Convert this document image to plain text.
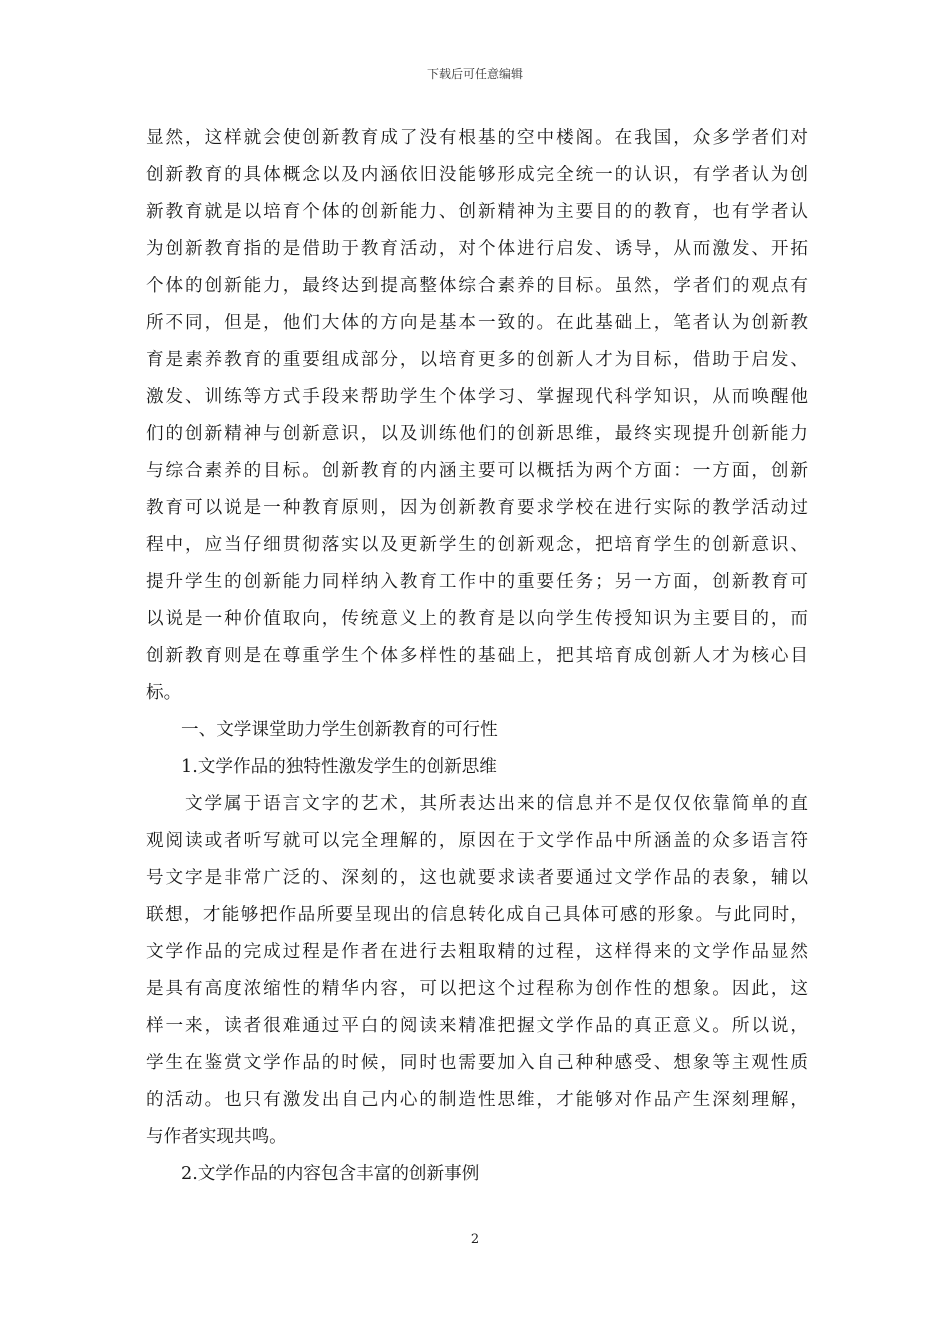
下载后可任意编辑
显然，这样就会使创新教育成了没有根基的空中楼阁。在我国，众多学者们对
创新教育的具体概念以及内涵依旧没能够形成完全统一的认识，有学者认为创
新教育就是以培育个体的创新能力、创新精神为主要目的的教育，也有学者认
为创新教育指的是借助于教育活动，对个体进行启发、诱导，从而激发、开拓
个体的创新能力，最终达到提高整体综合素养的目标。虽然，学者们的观点有
所不同，但是，他们大体的方向是基本一致的。在此基础上，笔者认为创新教
育是素养教育的重要组成部分，以培育更多的创新人才为目标，借助于启发、
激发、训练等方式手段来帮助学生个体学习、掌握现代科学知识，从而唤醒他
们的创新精神与创新意识，以及训练他们的创新思维，最终实现提升创新能力
与综合素养的目标。创新教育的内涵主要可以概括为两个方面：一方面，创新
教育可以说是一种教育原则，因为创新教育要求学校在进行实际的教学活动过
程中，应当仔细贯彻落实以及更新学生的创新观念，把培育学生的创新意识、
提升学生的创新能力同样纳入教育工作中的重要任务；另一方面，创新教育可
以说是一种价值取向，传统意义上的教育是以向学生传授知识为主要目的，而
创新教育则是在尊重学生个体多样性的基础上，把其培育成创新人才为核心目
标。
一、文学课堂助力学生创新教育的可行性
1.文学作品的独特性激发学生的创新思维
文学属于语言文字的艺术，其所表达出来的信息并不是仅仅依靠简单的直
观阅读或者听写就可以完全理解的，原因在于文学作品中所涵盖的众多语言符
号文字是非常广泛的、深刻的，这也就要求读者要通过文学作品的表象，辅以
联想，才能够把作品所要呈现出的信息转化成自己具体可感的形象。与此同时，
文学作品的完成过程是作者在进行去粗取精的过程，这样得来的文学作品显然
是具有高度浓缩性的精华内容，可以把这个过程称为创作性的想象。因此，这
样一来，读者很难通过平白的阅读来精准把握文学作品的真正意义。所以说，
学生在鉴赏文学作品的时候，同时也需要加入自己种种感受、想象等主观性质
的活动。也只有激发出自己内心的制造性思维，才能够对作品产生深刻理解，
与作者实现共鸣。
2.文学作品的内容包含丰富的创新事例
2
